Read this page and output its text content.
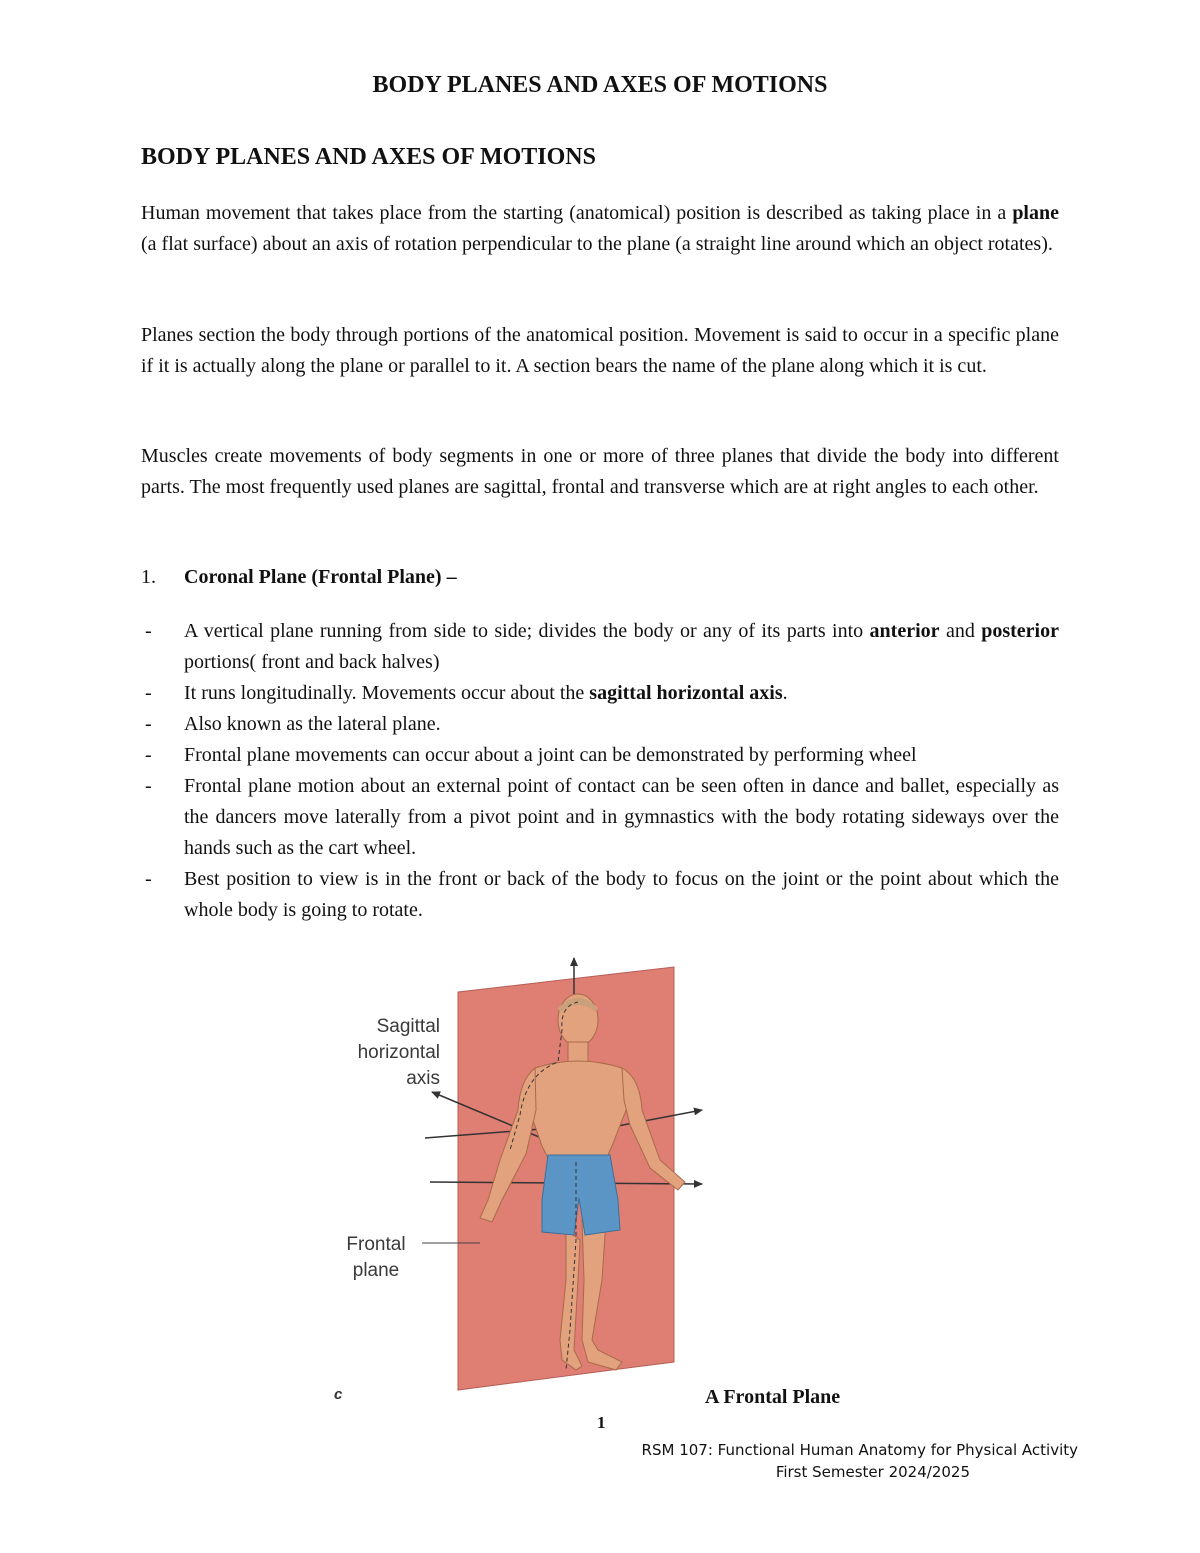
BODY PLANES AND AXES OF MOTIONS
BODY PLANES AND AXES OF MOTIONS

Human movement that takes place from the starting (anatomical) position is described as taking place in a plane (a flat surface) about an axis of rotation perpendicular to the plane (a straight line around which an object rotates).

Planes section the body through portions of the anatomical position. Movement is said to occur in a specific plane if it is actually along the plane or parallel to it. A section bears the name of the plane along which it is cut.

Muscles create movements of body segments in one or more of three planes that divide the body into different parts. The most frequently used planes are sagittal, frontal and transverse which are at right angles to each other.

1. Coronal Plane (Frontal Plane) –
- A vertical plane running from side to side; divides the body or any of its parts into anterior and posterior portions( front and back halves)
- It runs longitudinally. Movements occur about the sagittal horizontal axis.
- Also known as the lateral plane.
- Frontal plane movements can occur about a joint can be demonstrated by performing wheel
- Frontal plane motion about an external point of contact can be seen often in dance and ballet, especially as the dancers move laterally from a pivot point and in gymnastics with the body rotating sideways over the hands such as the cart wheel.
- Best position to view is in the front or back of the body to focus on the joint or the point about which the whole body is going to rotate.
Sagittal
horizontal
axis
Frontal
plane
c	A Frontal Plane
1
RSM 107: Functional Human Anatomy for Physical Activity
First Semester 2024/2025
